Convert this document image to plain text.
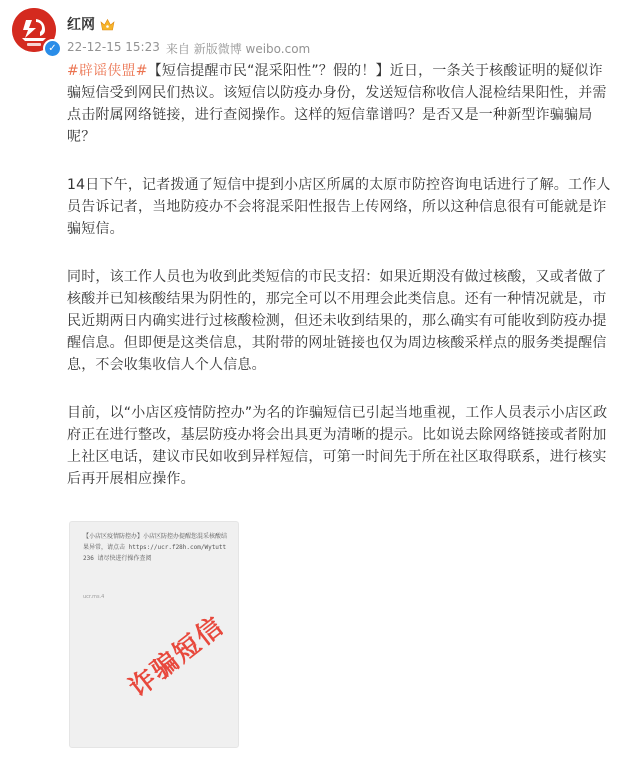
✓
红网
22-12-15 15:23 来自 新版微博 weibo.com

#辟谣侠盟#【短信提醒市民“混采阳性”？假的！】近日，一条关于核酸证明的疑似诈骗短信受到网民们热议。该短信以防疫办身份，发送短信称收信人混检结果阳性，并需点击附属网络链接，进行查阅操作。这样的短信靠谱吗？是否又是一种新型诈骗骗局呢？

14日下午，记者拨通了短信中提到小店区所属的太原市防控咨询电话进行了解。工作人员告诉记者，当地防疫办不会将混采阳性报告上传网络，所以这种信息很有可能就是诈骗短信。

同时，该工作人员也为收到此类短信的市民支招：如果近期没有做过核酸，又或者做了核酸并已知核酸结果为阴性的，那完全可以不用理会此类信息。还有一种情况就是，市民近期两日内确实进行过核酸检测，但还未收到结果的，那么确实有可能收到防疫办提醒信息。但即便是这类信息，其附带的网址链接也仅为周边核酸采样点的服务类提醒信息，不会收集收信人个人信息。

目前，以“小店区疫情防控办”为名的诈骗短信已引起当地重视，工作人员表示小店区政府正在进行整改，基层防疫办将会出具更为清晰的提示。比如说去除网络链接或者附加上社区电话，建议市民如收到异样短信，可第一时间先于所在社区取得联系，进行核实后再开展相应操作。

【小店区疫情防控办】小店区防控办提醒您混采核酸结果异常，请点击 https://ucr.f28h.com/Wytutt236 请尽快进行操作查阅
ucr.ms.4
诈骗短信
